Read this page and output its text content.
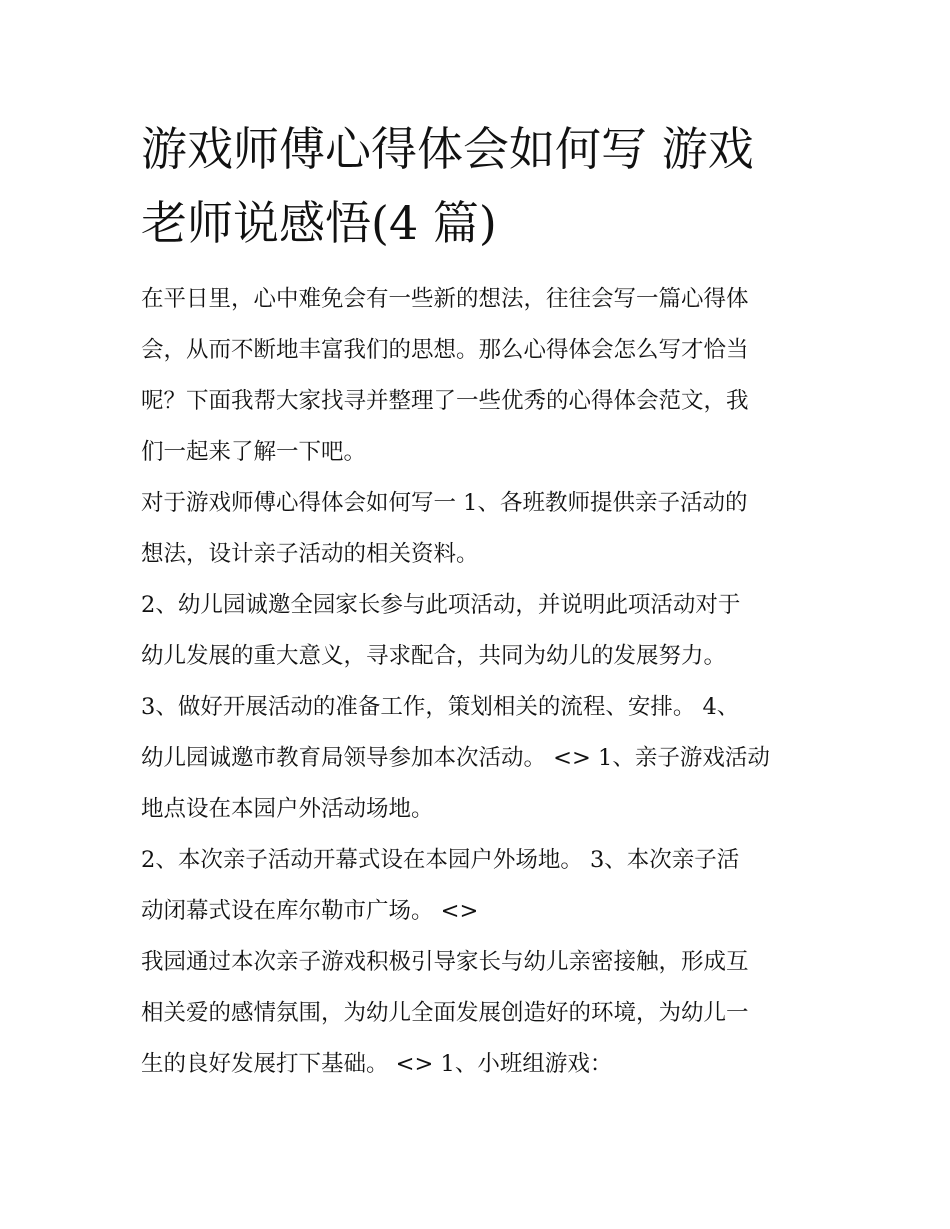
游戏师傅心得体会如何写 游戏
老师说感悟(4 篇)

在平日里，心中难免会有一些新的想法，往往会写一篇心得体
会，从而不断地丰富我们的思想。那么心得体会怎么写才恰当
呢？下面我帮大家找寻并整理了一些优秀的心得体会范文，我
们一起来了解一下吧。

对于游戏师傅心得体会如何写一 1、各班教师提供亲子活动的
想法，设计亲子活动的相关资料。

2、幼儿园诚邀全园家长参与此项活动，并说明此项活动对于
幼儿发展的重大意义，寻求配合，共同为幼儿的发展努力。

3、做好开展活动的准备工作，策划相关的流程、安排。 4、
幼儿园诚邀市教育局领导参加本次活动。 <> 1、亲子游戏活动
地点设在本园户外活动场地。

2、本次亲子活动开幕式设在本园户外场地。 3、本次亲子活
动闭幕式设在库尔勒市广场。 <>

我园通过本次亲子游戏积极引导家长与幼儿亲密接触，形成互
相关爱的感情氛围，为幼儿全面发展创造好的环境，为幼儿一
生的良好发展打下基础。 <> 1、小班组游戏：
